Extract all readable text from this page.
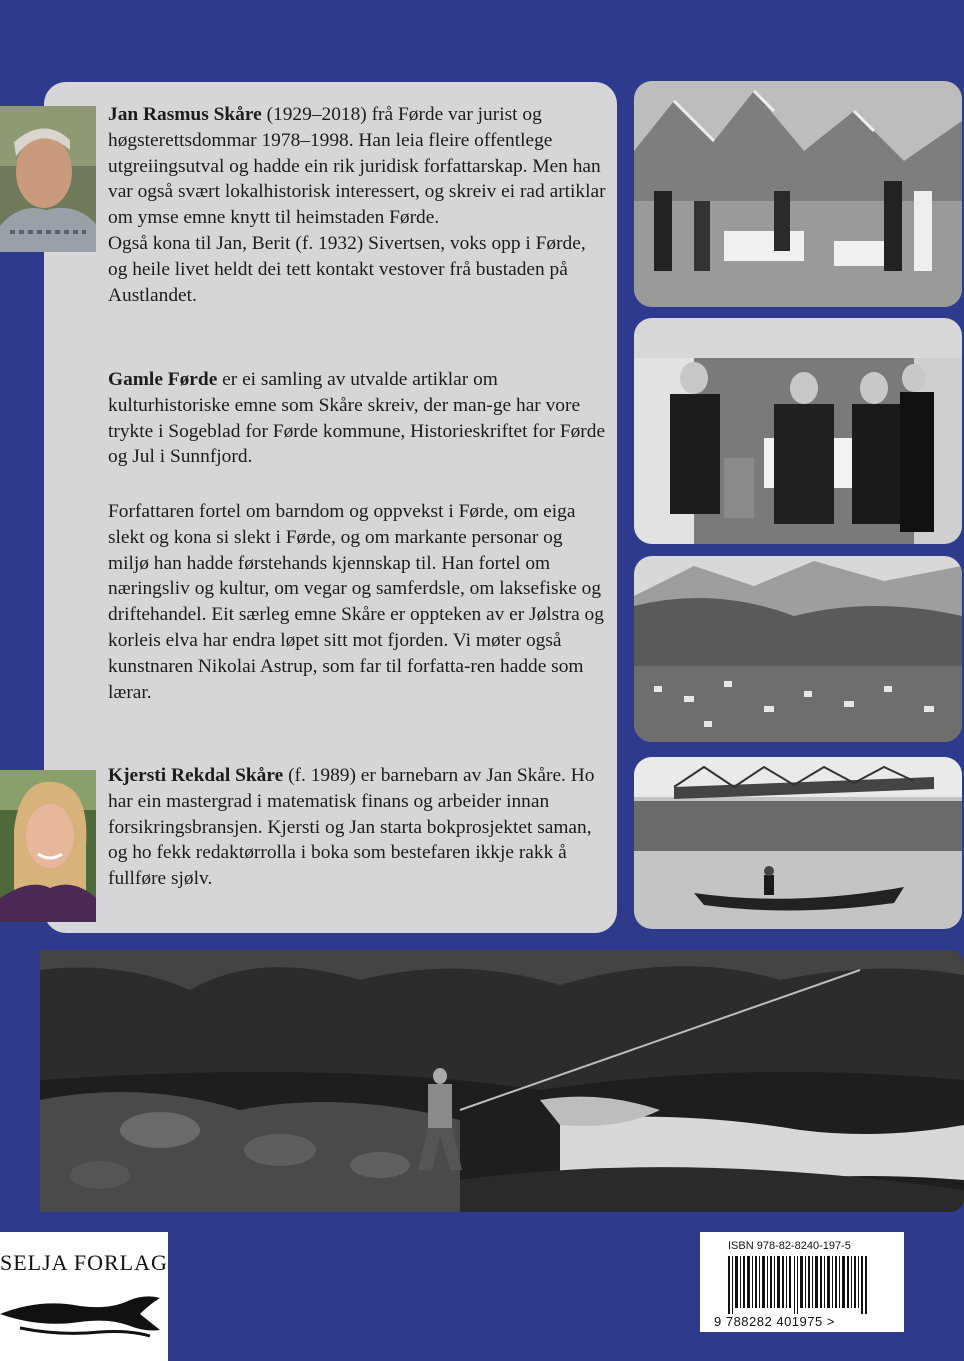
Jan Rasmus Skåre (1929–2018) frå Førde var jurist og høgsterettsdommar 1978–1998. Han leia fleire offentlege utgreiingsutval og hadde ein rik juridisk forfattarskap. Men han var også svært lokalhistorisk interessert, og skreiv ei rad artiklar om ymse emne knytt til heimstaden Førde.
Også kona til Jan, Berit (f. 1932) Sivertsen, voks opp i Førde, og heile livet heldt dei tett kontakt vestover frå bustaden på Austlandet.

Gamle Førde er ei samling av utvalde artiklar om kulturhistoriske emne som Skåre skreiv, der man-ge har vore trykte i Sogeblad for Førde kommune, Historieskriftet for Førde og Jul i Sunnfjord.

Forfattaren fortel om barndom og oppvekst i Førde, om eiga slekt og kona si slekt i Førde, og om markante personar og miljø han hadde førstehands kjennskap til. Han fortel om næringsliv og kultur, om vegar og samferdsle, om laksefiske og driftehandel. Eit særleg emne Skåre er oppteken av er Jølstra og korleis elva har endra løpet sitt mot fjorden. Vi møter også kunstnaren Nikolai Astrup, som far til forfatta-ren hadde som lærar.

Kjersti Rekdal Skåre (f. 1989) er barnebarn av Jan Skåre. Ho har ein mastergrad i matematisk finans og arbeider innan forsikringsbransjen. Kjersti og Jan starta bokprosjektet saman, og ho fekk redaktørrolla i boka som bestefaren ikkje rakk å fullføre sjølv.

SELJA FORLAG
ISBN 978-82-8240-197-5
9 788282 401975 >
